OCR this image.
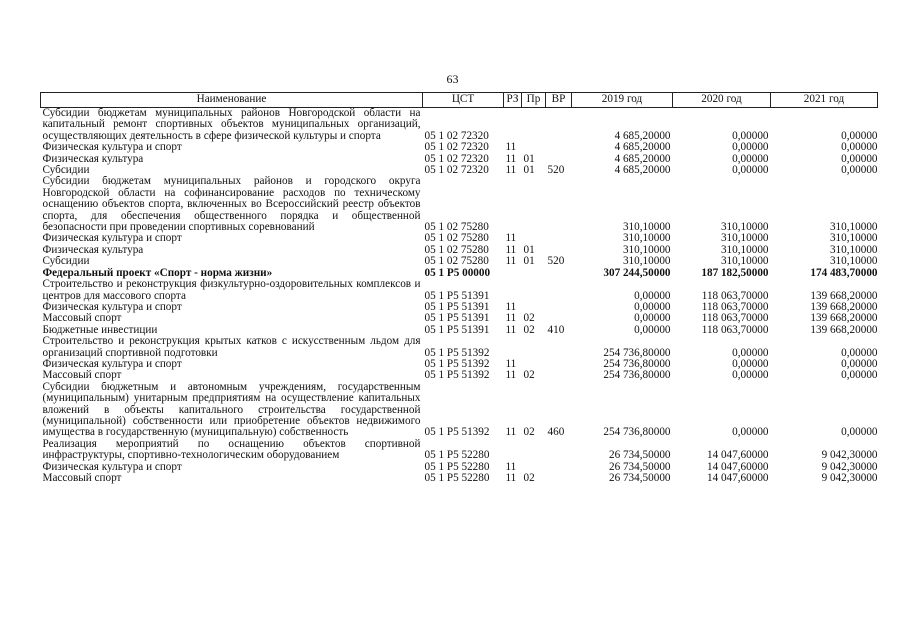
63
Наименование	ЦСТ	РЗ	Пр	ВР	2019 год	2020 год	2021 год
Субсидии бюджетам муниципальных районов Новгородской области на капитальный ремонт спортивных объектов муниципальных организаций, осуществляющих деятельность в сфере физической культуры и спорта	05 1 02 72320				4 685,20000	0,00000	0,00000
Физическая культура и спорт	05 1 02 72320	11			4 685,20000	0,00000	0,00000
Физическая культура	05 1 02 72320	11	01		4 685,20000	0,00000	0,00000
Субсидии	05 1 02 72320	11	01	520	4 685,20000	0,00000	0,00000
Субсидии бюджетам муниципальных районов и городского округа Новгородской области на софинансирование расходов по техническому оснащению объектов спорта, включенных во Всероссийский реестр объектов спорта, для обеспечения общественного порядка и общественной безопасности при проведении спортивных соревнований	05 1 02 75280				310,10000	310,10000	310,10000
Физическая культура и спорт	05 1 02 75280	11			310,10000	310,10000	310,10000
Физическая культура	05 1 02 75280	11	01		310,10000	310,10000	310,10000
Субсидии	05 1 02 75280	11	01	520	310,10000	310,10000	310,10000
Федеральный проект «Спорт - норма жизни»	05 1 P5 00000				307 244,50000	187 182,50000	174 483,70000
Строительство и реконструкция физкультурно-оздоровительных комплексов и центров для массового спорта	05 1 P5 51391				0,00000	118 063,70000	139 668,20000
Физическая культура и спорт	05 1 P5 51391	11			0,00000	118 063,70000	139 668,20000
Массовый спорт	05 1 P5 51391	11	02		0,00000	118 063,70000	139 668,20000
Бюджетные инвестиции	05 1 P5 51391	11	02	410	0,00000	118 063,70000	139 668,20000
Строительство и реконструкция крытых катков с искусственным льдом для организаций спортивной подготовки	05 1 P5 51392				254 736,80000	0,00000	0,00000
Физическая культура и спорт	05 1 P5 51392	11			254 736,80000	0,00000	0,00000
Массовый спорт	05 1 P5 51392	11	02		254 736,80000	0,00000	0,00000
Субсидии бюджетным и автономным учреждениям, государственным (муниципальным) унитарным предприятиям на осуществление капитальных вложений в объекты капитального строительства государственной (муниципальной) собственности или приобретение объектов недвижимого имущества в государственную (муниципальную) собственность	05 1 P5 51392	11	02	460	254 736,80000	0,00000	0,00000
Реализация мероприятий по оснащению объектов спортивной инфраструктуры, спортивно-технологическим оборудованием	05 1 P5 52280				26 734,50000	14 047,60000	9 042,30000
Физическая культура и спорт	05 1 P5 52280	11			26 734,50000	14 047,60000	9 042,30000
Массовый спорт	05 1 P5 52280	11	02		26 734,50000	14 047,60000	9 042,30000
